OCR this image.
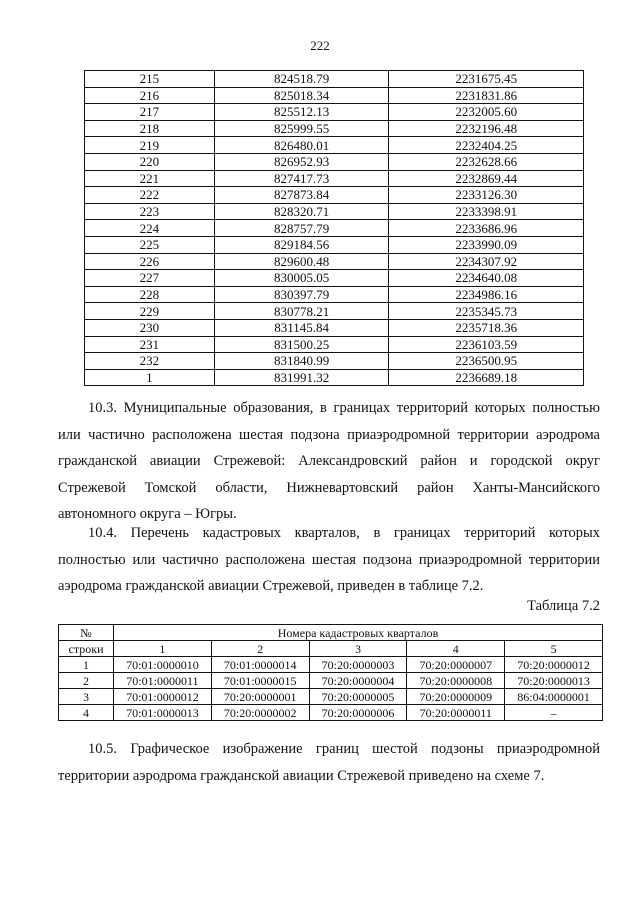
222
215	824518.79	2231675.45
216	825018.34	2231831.86
217	825512.13	2232005.60
218	825999.55	2232196.48
219	826480.01	2232404.25
220	826952.93	2232628.66
221	827417.73	2232869.44
222	827873.84	2233126.30
223	828320.71	2233398.91
224	828757.79	2233686.96
225	829184.56	2233990.09
226	829600.48	2234307.92
227	830005.05	2234640.08
228	830397.79	2234986.16
229	830778.21	2235345.73
230	831145.84	2235718.36
231	831500.25	2236103.59
232	831840.99	2236500.95
1	831991.32	2236689.18
10.3. Муниципальные образования, в границах территорий которых полностью или частично расположена шестая подзона приаэродромной территории аэродрома гражданской авиации Стрежевой: Александровский район и городской округ Стрежевой Томской области, Нижневартовский район Ханты-Мансийского автономного округа – Югры.
10.4. Перечень кадастровых кварталов, в границах территорий которых полностью или частично расположена шестая подзона приаэродромной территории аэродрома гражданской авиации Стрежевой, приведен в таблице 7.2.
Таблица 7.2
№	Номера кадастровых кварталов				
строки	1	2	3	4	5
1	70:01:0000010	70:01:0000014	70:20:0000003	70:20:0000007	70:20:0000012
2	70:01:0000011	70:01:0000015	70:20:0000004	70:20:0000008	70:20:0000013
3	70:01:0000012	70:20:0000001	70:20:0000005	70:20:0000009	86:04:0000001
4	70:01:0000013	70:20:0000002	70:20:0000006	70:20:0000011	–
10.5. Графическое изображение границ шестой подзоны приаэродромной территории аэродрома гражданской авиации Стрежевой приведено на схеме 7.
